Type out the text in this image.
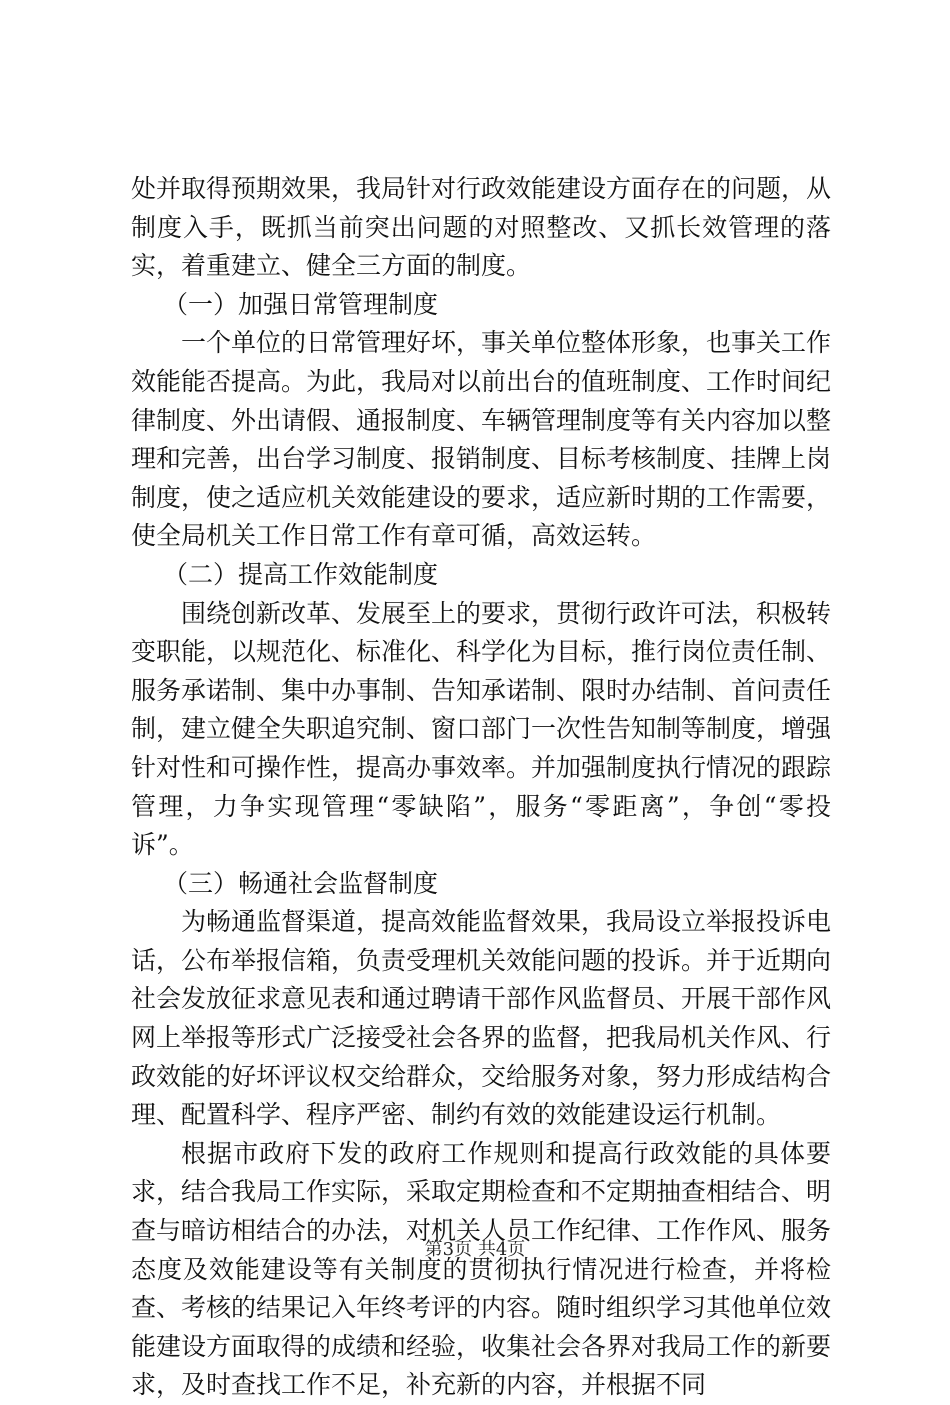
处并取得预期效果，我局针对行政效能建设方面存在的问题，从制度入手，既抓当前突出问题的对照整改、又抓长效管理的落实，着重建立、健全三方面的制度。

（一）加强日常管理制度

一个单位的日常管理好坏，事关单位整体形象，也事关工作效能能否提高。为此，我局对以前出台的值班制度、工作时间纪律制度、外出请假、通报制度、车辆管理制度等有关内容加以整理和完善，出台学习制度、报销制度、目标考核制度、挂牌上岗制度，使之适应机关效能建设的要求，适应新时期的工作需要，使全局机关工作日常工作有章可循，高效运转。

（二）提高工作效能制度

围绕创新改革、发展至上的要求，贯彻行政许可法，积极转变职能，以规范化、标准化、科学化为目标，推行岗位责任制、服务承诺制、集中办事制、告知承诺制、限时办结制、首问责任制，建立健全失职追究制、窗口部门一次性告知制等制度，增强针对性和可操作性，提高办事效率。并加强制度执行情况的跟踪管理，力争实现管理“零缺陷”，服务“零距离”，争创“零投诉”。

（三）畅通社会监督制度

为畅通监督渠道，提高效能监督效果，我局设立举报投诉电话，公布举报信箱，负责受理机关效能问题的投诉。并于近期向社会发放征求意见表和通过聘请干部作风监督员、开展干部作风网上举报等形式广泛接受社会各界的监督，把我局机关作风、行政效能的好坏评议权交给群众，交给服务对象，努力形成结构合理、配置科学、程序严密、制约有效的效能建设运行机制。

根据市政府下发的政府工作规则和提高行政效能的具体要求，结合我局工作实际，采取定期检查和不定期抽查相结合、明查与暗访相结合的办法，对机关人员工作纪律、工作作风、服务态度及效能建设等有关制度的贯彻执行情况进行检查，并将检查、考核的结果记入年终考评的内容。随时组织学习其他单位效能建设方面取得的成绩和经验，收集社会各界对我局工作的新要求，及时查找工作不足，补充新的内容，并根据不同

第3页 共4页
